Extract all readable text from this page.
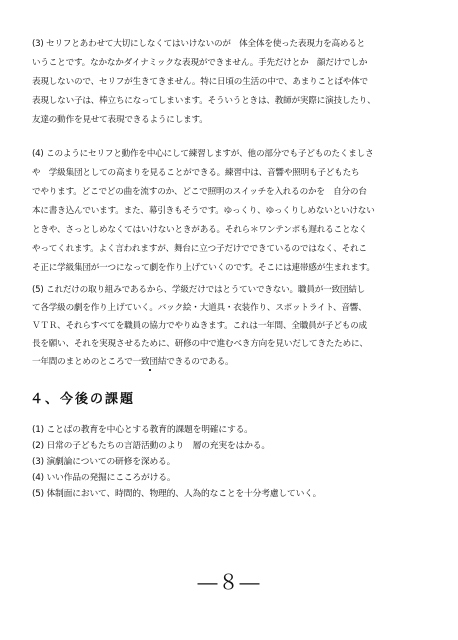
(3) セリフとあわせて大切にしなくてはいけないのが　体全体を使った表現力を高めると
いうことです。なかなかダイナミックな表現ができません。手先だけとか　顔だけでしか
表現しないので、セリフが生きてきません。特に日頃の生活の中で、あまりことばや体で
表現しない子は、棒立ちになってしまいます。そういうときは、教師が実際に演技したり、
友達の動作を見せて表現できるようにします。
(4) このようにセリフと動作を中心にして練習しますが、他の部分でも子どものたくましさ
や　学級集団としての高まりを見ることができる。練習中は、音響や照明も子どもたち
でやります。どこでどの曲を流すのか、どこで照明のスイッチを入れるのかを　自分の台
本に書き込んでいます。また、幕引きもそうです。ゆっくり、ゆっくりしめないといけない
ときや、さっとしめなくてはいけないときがある。それら＊ワンテンポも遅れることなく
やってくれます。よく言われますが、舞台に立つ子だけでできているのではなく、それこ
そ正に学級集団が一つになって劇を作り上げていくのです。そこには連帯感が生まれます。
(5) これだけの取り組みであるから、学級だけではとうていできない。職員が一致団結し
て各学級の劇を作り上げていく。バック絵・大道具・衣装作り、スポットライト、音響、
ＶＴＲ、それらすべてを職員の協力でやりぬきます。これは一年間、全職員が子どもの成
長を願い、それを実現させるために、研修の中で進むべき方向を見いだしてきたために、
一年間のまとめのところで一致団結できるのである。
４、今後の課題
(1) ことばの教育を中心とする教育的課題を明確にする。
(2) 日常の子どもたちの言語活動のより　層の充実をはかる。
(3) 演劇論についての研修を深める。
(4) いい作品の発掘にこころがける。
(5) 体制面において、時間的、物理的、人為的なことを十分考慮していく。
―８―
